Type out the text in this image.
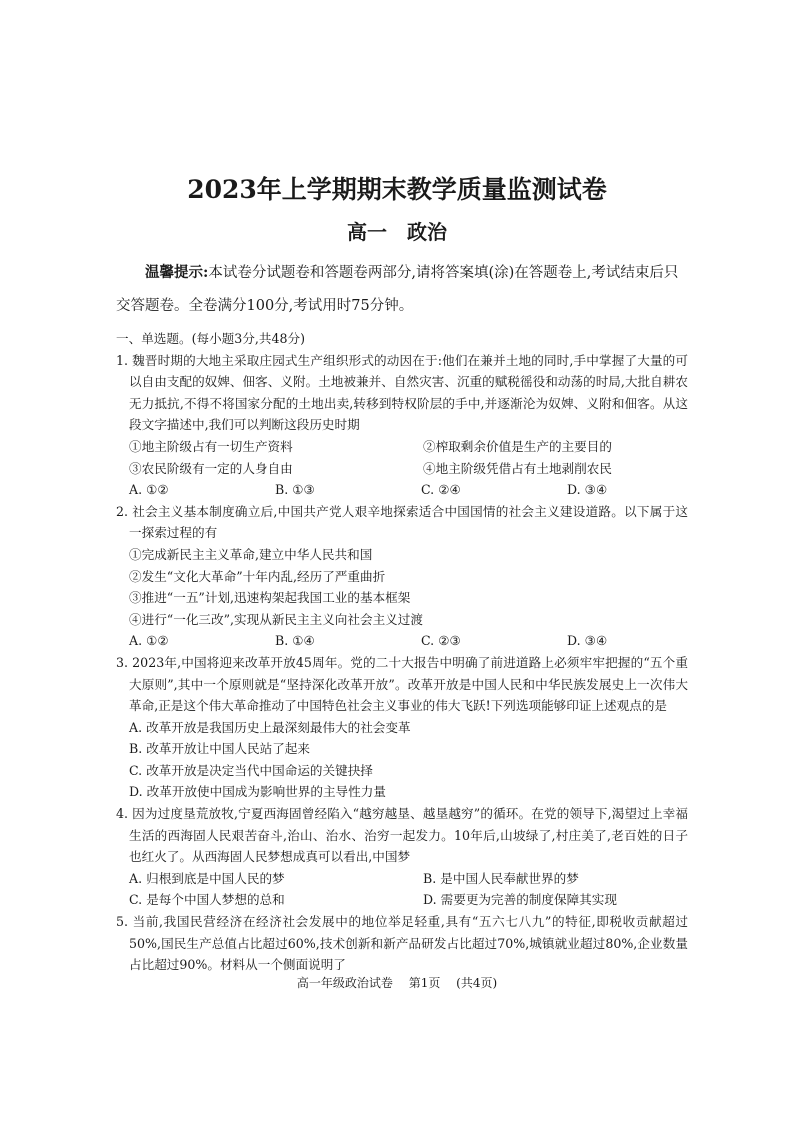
2023年上学期期末教学质量监测试卷
高一　政治
温馨提示:本试卷分试题卷和答题卷两部分,请将答案填(涂)在答题卷上,考试结束后只交答题卷。全卷满分100分,考试用时75分钟。
一、单选题。(每小题3分,共48分)
1. 魏晋时期的大地主采取庄园式生产组织形式的动因在于:他们在兼并土地的同时,手中掌握了大量的可以自由支配的奴婢、佃客、义附。土地被兼并、自然灾害、沉重的赋税徭役和动荡的时局,大批自耕农无力抵抗,不得不将国家分配的土地出卖,转移到特权阶层的手中,并逐渐沦为奴婢、义附和佃客。从这段文字描述中,我们可以判断这段历史时期
①地主阶级占有一切生产资料	②榨取剩余价值是生产的主要目的
③农民阶级有一定的人身自由	④地主阶级凭借占有土地剥削农民
A. ①②	B. ①③	C. ②④	D. ③④
2. 社会主义基本制度确立后,中国共产党人艰辛地探索适合中国国情的社会主义建设道路。以下属于这一探索过程的有
①完成新民主主义革命,建立中华人民共和国
②发生“文化大革命”十年内乱,经历了严重曲折
③推进“一五”计划,迅速构架起我国工业的基本框架
④进行“一化三改”,实现从新民主主义向社会主义过渡
A. ①②	B. ①④	C. ②③	D. ③④
3. 2023年,中国将迎来改革开放45周年。党的二十大报告中明确了前进道路上必须牢牢把握的“五个重大原则”,其中一个原则就是“坚持深化改革开放”。改革开放是中国人民和中华民族发展史上一次伟大革命,正是这个伟大革命推动了中国特色社会主义事业的伟大飞跃!下列选项能够印证上述观点的是
A. 改革开放是我国历史上最深刻最伟大的社会变革
B. 改革开放让中国人民站了起来
C. 改革开放是决定当代中国命运的关键抉择
D. 改革开放使中国成为影响世界的主导性力量
4. 因为过度垦荒放牧,宁夏西海固曾经陷入“越穷越垦、越垦越穷”的循环。在党的领导下,渴望过上幸福生活的西海固人民艰苦奋斗,治山、治水、治穷一起发力。10年后,山坡绿了,村庄美了,老百姓的日子也红火了。从西海固人民梦想成真可以看出,中国梦
A. 归根到底是中国人民的梦	B. 是中国人民奉献世界的梦
C. 是每个中国人梦想的总和	D. 需要更为完善的制度保障其实现
5. 当前,我国民营经济在经济社会发展中的地位举足轻重,具有“五六七八九”的特征,即税收贡献超过50%,国民生产总值占比超过60%,技术创新和新产品研发占比超过70%,城镇就业超过80%,企业数量占比超过90%。材料从一个侧面说明了
高一年级政治试卷 第1页 (共4页)
